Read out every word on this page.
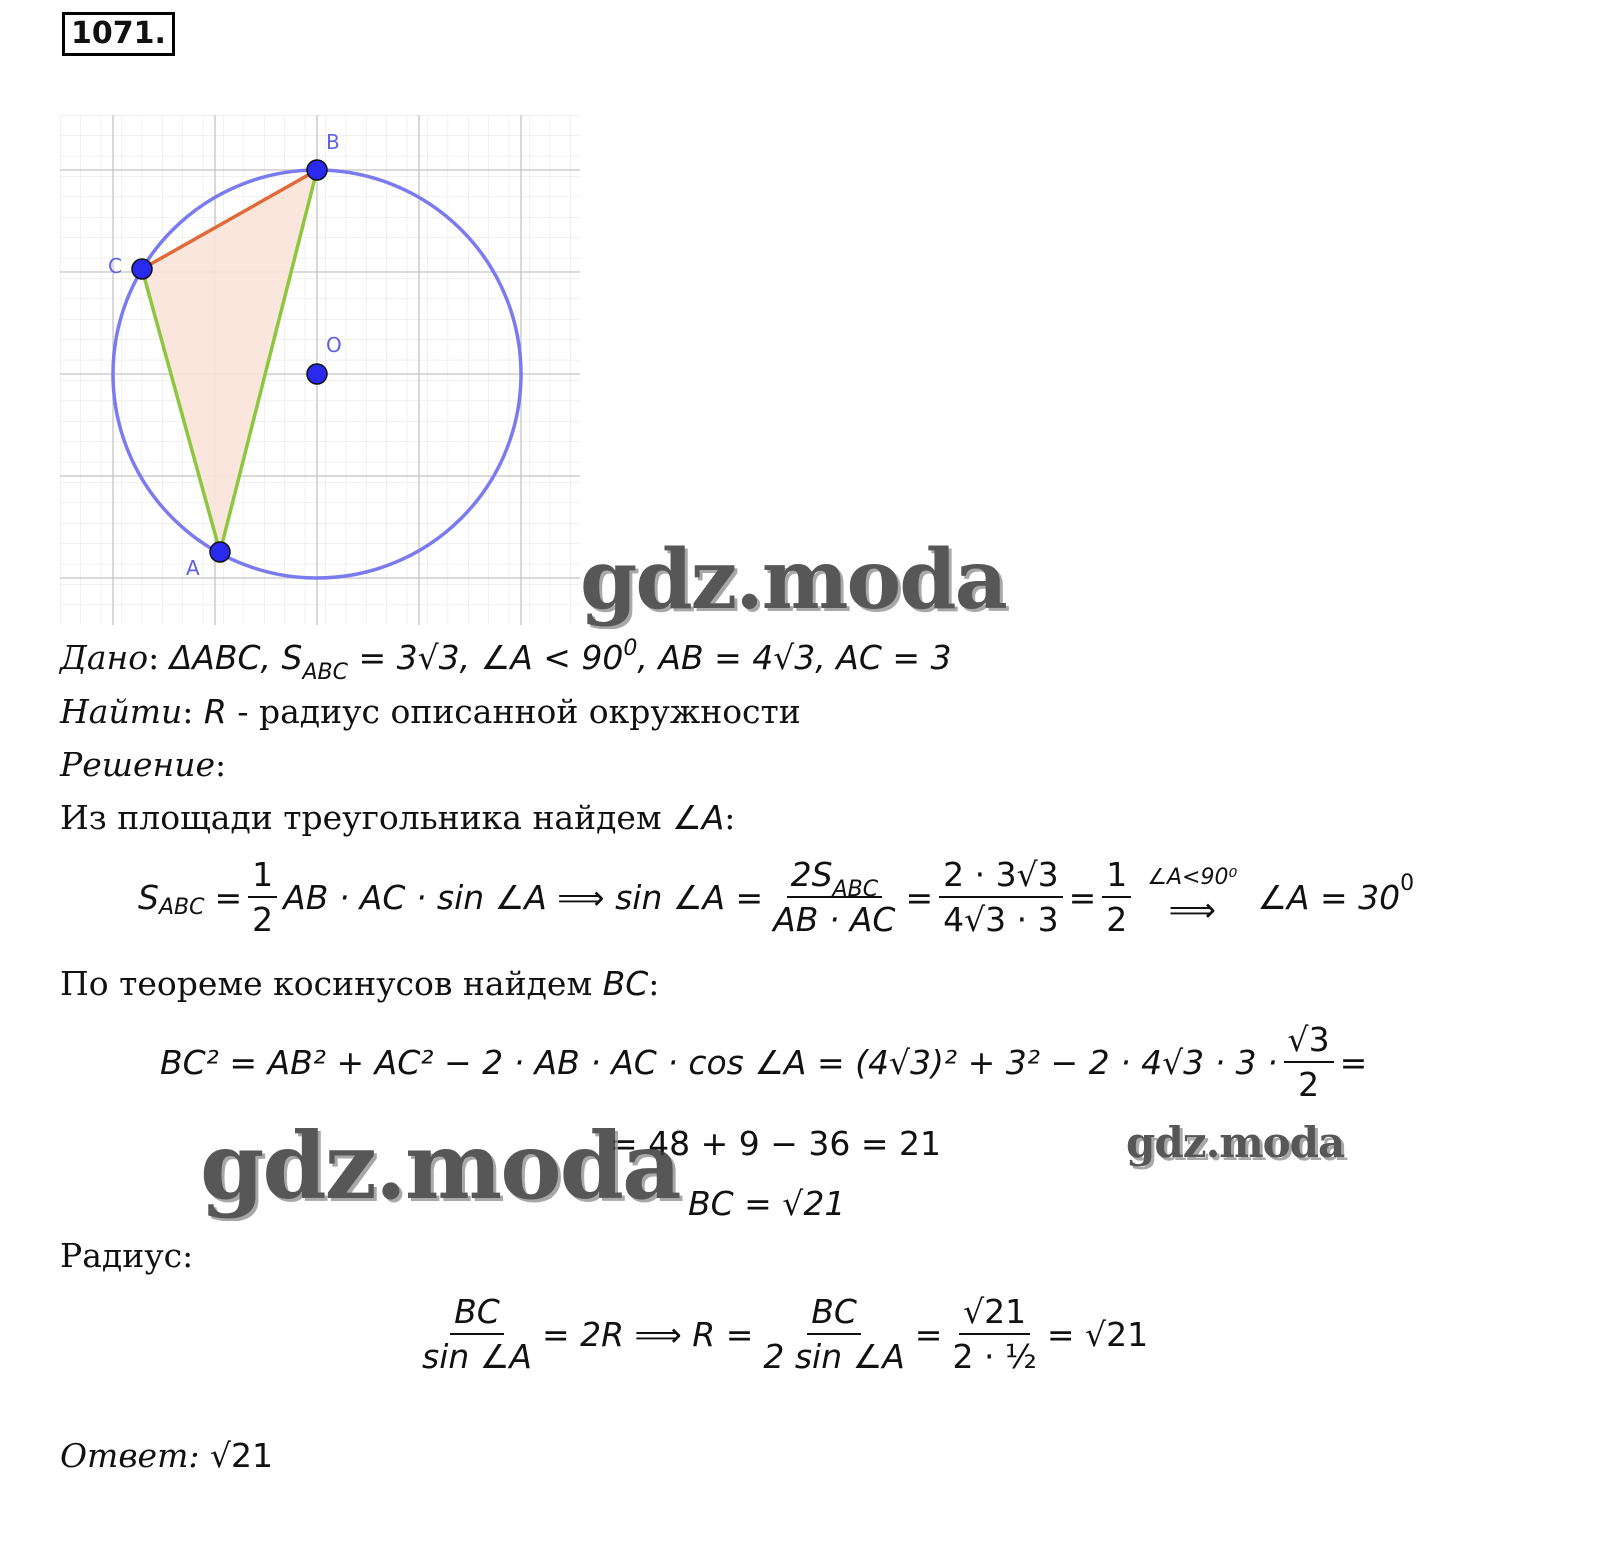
1071.
B
C
O
A
Дано: ΔABC, $S_{ABC} = 3√3$, ∠A < $90^0$, AB = 4√3, AC = 3
Найти: R - радиус описанной окружности
Решение:
Из площади треугольника найдем ∠A:
S ABC = $\frac{1}{2}$ AB · AC · sin ∠A ⟹ sin ∠A = $\frac{2S_{ABC}}{AB \cdot AC} = \frac{2 \cdot 3√3}{4√3 \cdot 3} = \frac{1}{2}$ ∠A<90⁰
⟹ ∠A = 30 0
По теореме косинусов найдем BC:
BC² = AB² + AC² − 2 · AB · AC · cos ∠A = $(4√3)^2 + 3^2 - 2 \cdot 4√3 \cdot 3 \cdot \frac{√3}{2}$ =
= 48 + 9 − 36 = 21
BC = √21
Радиус:
$\frac{BC}{\sin \angle A} = 2R$ ⟹ $R = \frac{BC}{2 \sin \angle A} = \frac{√21}{\text{2 · ½}} = √21$
Ответ: √21
gdz.moda
gdz.moda	gdz.moda
